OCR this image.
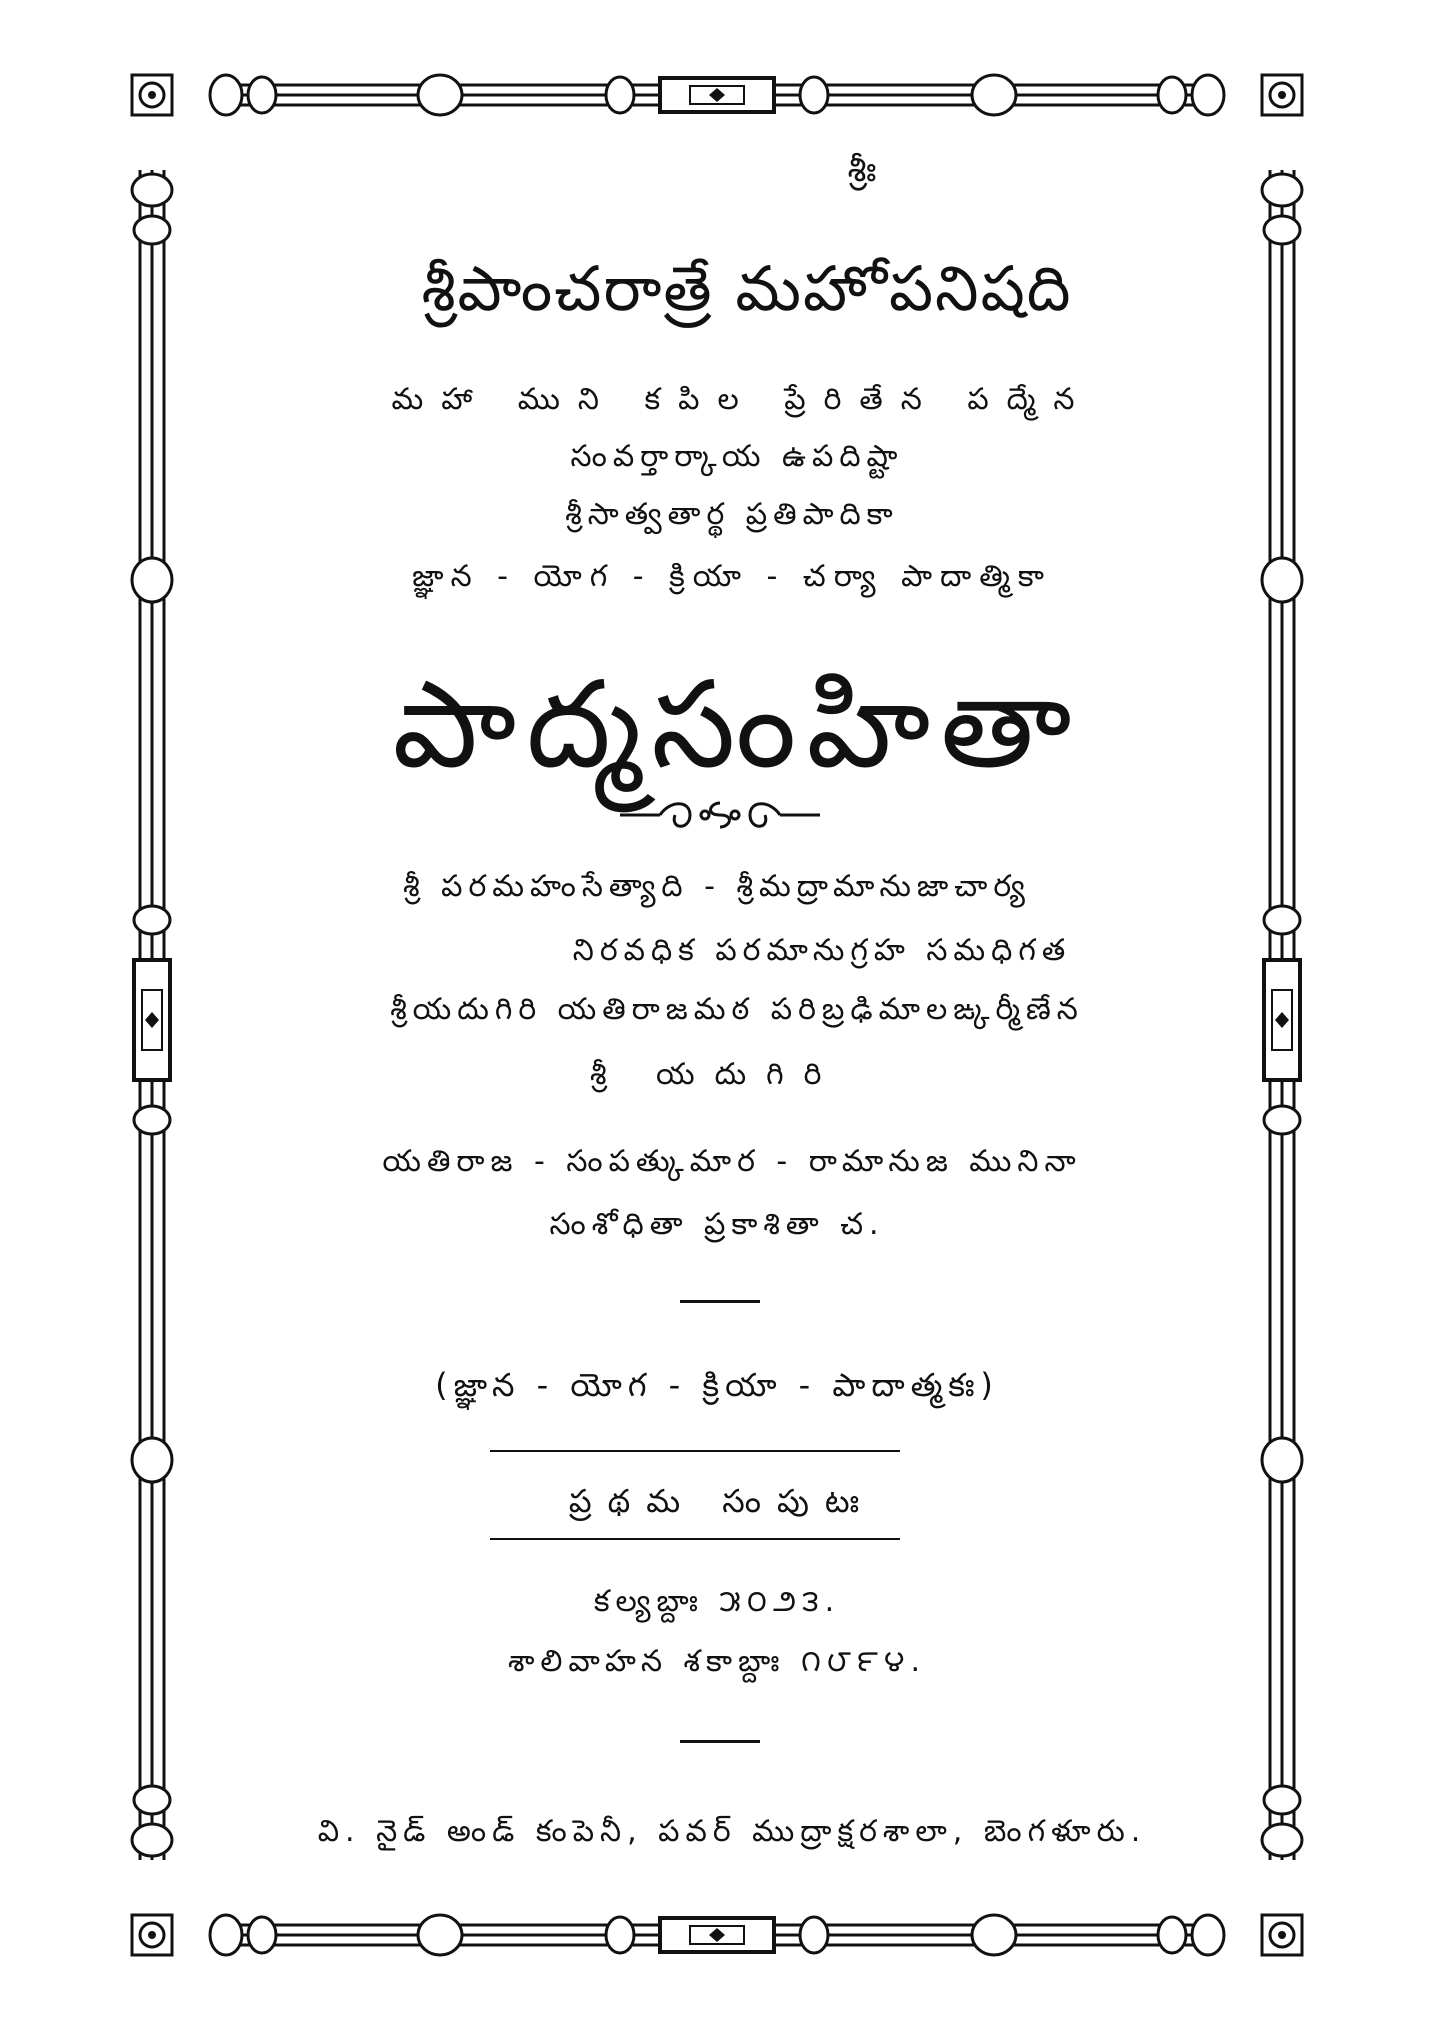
శ్రీః
శ్రీపాంచరాత్రే మహోపనిషది
మహా ముని కపిల ప్రేరితేన పద్మేన
సంవర్తార్కాయ ఉపదిష్టా
శ్రీసాత్వతార్థ ప్రతిపాదికా
జ్ఞాన - యోగ - క్రియా - చర్యా పాదాత్మికా
పాద్మసంహితా
శ్రీ పరమహంసేత్యాది - శ్రీమద్రామానుజాచార్య
నిరవధిక పరమానుగ్రహ సమధిగత
శ్రీయదుగిరి యతిరాజమఠ పరిబ్రఢిమాలఙ్కర్మీణేన
శ్రీ యదుగిరి
యతిరాజ - సంపత్కుమార - రామానుజ మునినా
సంశోధితా ప్రకాశితా చ.
(జ్ఞాన - యోగ - క్రియా - పాదాత్మకః)
ప్రథమ సంపుటః
కల్యబ్దాః ౫౦౨౩.
శాలివాహన శకాబ్దాః ౧౮౯౪.
వి. నైడ్ అండ్ కంపెనీ, పవర్ ముద్రాక్షరశాలా, బెంగళూరు.
